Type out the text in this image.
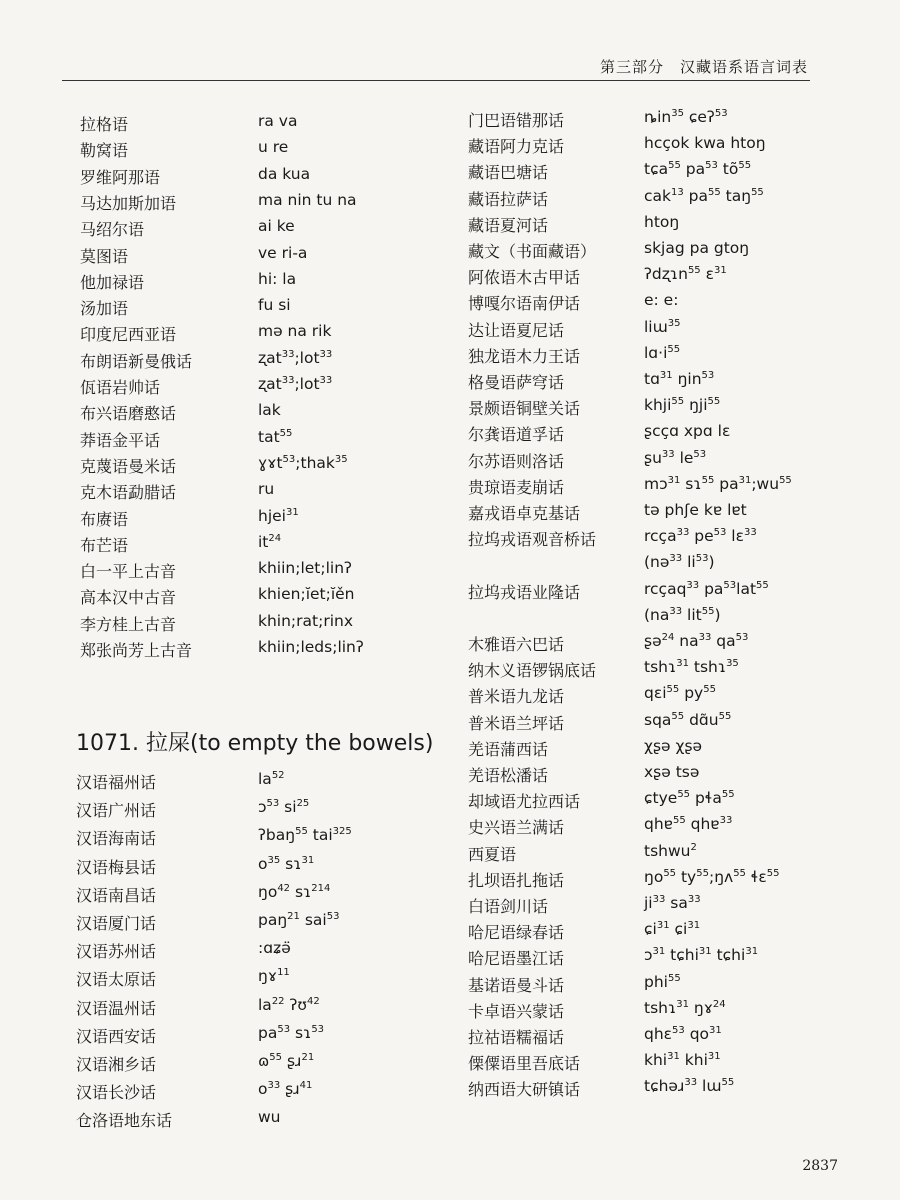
第三部分　汉藏语系语言词表
拉格语	ra va
勒窝语	u re
罗维阿那语	da kua
马达加斯加语	ma nin tu na
马绍尔语	ai ke
莫图语	ve ri-a
他加禄语	hi: la
汤加语	fu si
印度尼西亚语	mə na rik
布朗语新曼俄话	ʐat$^{33}$;lot$^{33}$
佤语岩帅话	ʐat$^{33}$;lot$^{33}$
布兴语磨憨话	lak
莽语金平话	tat$^{55}$
克蔑语曼米话	ɣɤt$^{53}$;thak$^{35}$
克木语勐腊话	ru
布赓语	hjei$^{31}$
布芒语	$it^{24}$
白一平上古音	khiin;let;linʔ
高本汉中古音	khien;ĭet;ĭěn
李方桂上古音	khin;rat;rinx
郑张尚芳上古音	khiin;leds;linʔ
1071. 拉屎(to empty the bowels)
汉语福州话	$la^{52}$
汉语广州话	ɔ$^{53}$ $si^{25}$
汉语海南话	ʔbaŋ$^{55}$ tai$^{325}$
汉语梅县话	$o^{35}$ sɿ$^{31}$
汉语南昌话	$ŋo^{42}$ sɿ$^{214}$
汉语厦门话	paŋ$^{21}$ sai$^{53}$
汉语苏州话	:ɑʑǝ̈
汉语太原话	ŋɤ$^{11}$
汉语温州话	$la^{22}$ ʔʊ$^{42}$
汉语西安话	$pa^{53}$ sɿ$^{53}$
汉语湘乡话	ɷ$^{55}$ ʂɹ$^{21}$
汉语长沙话	$o^{33}$ ʂɹ$^{41}$
仓洛语地东话	wu
门巴语错那话	ȵin$^{35}$ ɕeʔ$^{53}$
藏语阿力克话	hcçok kwa htoŋ
藏语巴塘话	tɕa$^{55}$ $pa^{53}$ $tõ^{55}$
藏语拉萨话	cak$^{13}$ $pa^{55}$ taŋ$^{55}$
藏语夏河话	htoŋ
藏文（书面藏语）	skjag pa gtoŋ
阿侬语木古甲话	ʔdʐɿn$^{55}$ ɛ$^{31}$
博嘎尔语南伊话	e: e:
达让语夏尼话	liɯ$^{35}$
独龙语木力王话	$lɑ\cdot i^{55}$
格曼语萨穹话	tɑ$^{31}$ ŋin$^{53}$
景颇语铜壁关话	khji$^{55}$ ŋji$^{55}$
尔龚语道孚话	ʂcçɑ xpɑ lɛ
尔苏语则洛话	ʂu$^{33}$ $le^{53}$
贵琼语麦崩话	mɔ$^{31}$ sɿ$^{55}$ $pa^{31};wu^{55}$
嘉戎语卓克基话	tə phʃe kɐ lɐt
拉坞戎语观音桥话	rcça$^{33}$ $pe^{53}$ lɛ$^{33}$
(nə$^{33}$ $li^{53}$)
拉坞戎语业隆话	rcçaq$^{33}$ $pa^{53}lat^{55}$
($na^{33}$ lit$^{55}$)
木雅语六巴话	ʂə$^{24}$ $na^{33}$ $qa^{53}$
纳木义语锣锅底话	tshɿ$^{31}$ tshɿ$^{35}$
普米语九龙话	qɛi$^{55}$ $py^{55}$
普米语兰坪话	sqa$^{55}$ $dɑ̃u^{55}$
羌语蒲西话	χʂə χʂə
羌语松潘话	xʂə tsə
却域语尤拉西话	ɕtye$^{55}$ pɬa$^{55}$
史兴语兰满话	qhɐ$^{55}$ qhɐ$^{33}$
西夏语	tshwu$^2$
扎坝语扎拖话	$ŋo^{55}$ $ty^{55};ŋʌ^{55}$ ɬɛ$^{55}$
白语剑川话	$ji^{33}$ $sa^{33}$
哈尼语绿春话	ɕi$^{31}$ ɕi$^{31}$
哈尼语墨江话	ɔ$^{31}$ tɕhi$^{31}$ tɕhi$^{31}$
基诺语曼斗话	phi$^{55}$
卡卓语兴蒙话	tshɿ$^{31}$ ŋɤ$^{24}$
拉祜语糯福话	qhɛ$^{53}$ $qo^{31}$
傈僳语里吾底话	khi$^{31}$ khi$^{31}$
纳西语大研镇话	tɕhəɹ$^{33}$ lɯ$^{55}$
2837
